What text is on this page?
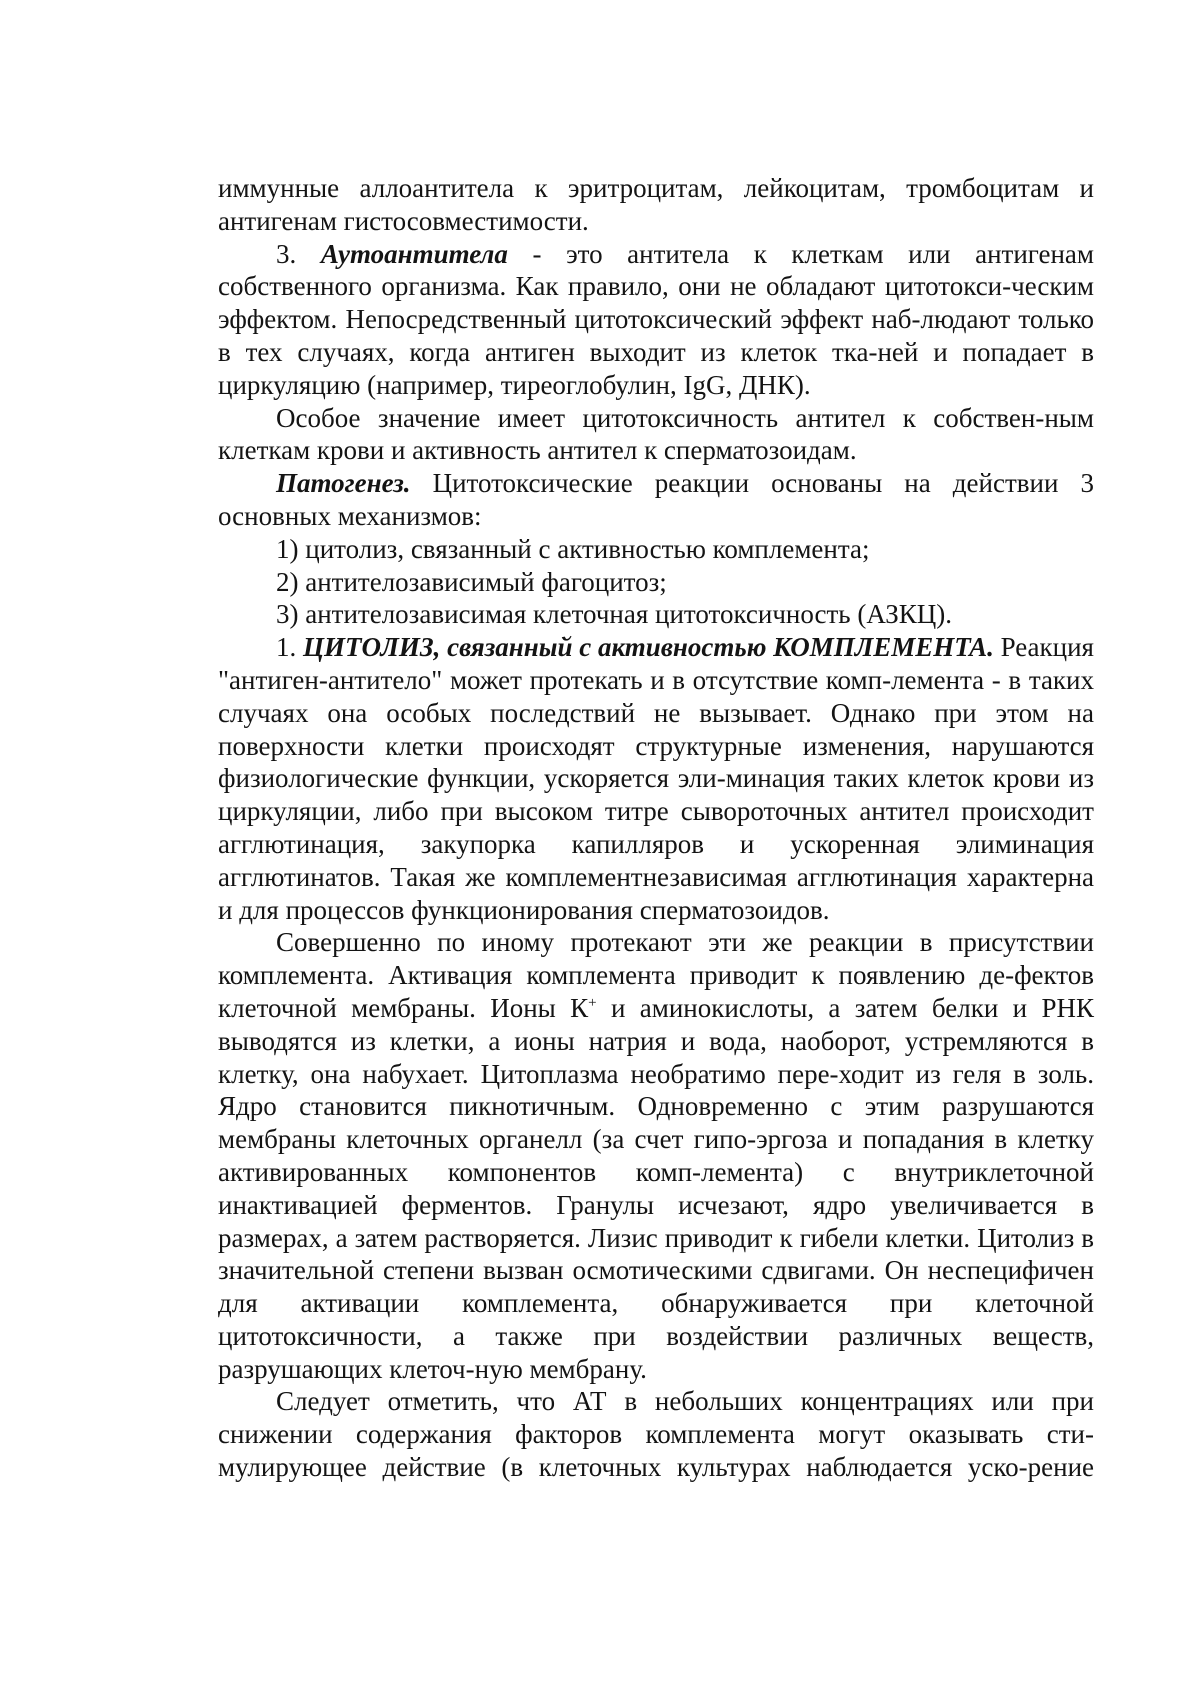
иммунные аллоантитела к эритроцитам, лейкоцитам, тромбоцитам и антигенам гистосовместимости.

3. Аутоантитела - это антитела к клеткам или антигенам собственного организма. Как правило, они не обладают цитотокси-ческим эффектом. Непосредственный цитотоксический эффект наб-людают только в тех случаях, когда антиген выходит из клеток тка-ней и попадает в циркуляцию (например, тиреоглобулин, IgG, ДНК).

Особое значение имеет цитотоксичность антител к собствен-ным клеткам крови и активность антител к сперматозоидам.

Патогенез. Цитотоксические реакции основаны на действии 3 основных механизмов:

1) цитолиз, связанный с активностью комплемента;

2) антителозависимый фагоцитоз;

3) антителозависимая клеточная цитотоксичность (АЗКЦ).

1. ЦИТОЛИЗ, связанный с активностью КОМПЛЕМЕНТА. Реакция "антиген-антитело" может протекать и в отсутствие комп-лемента - в таких случаях она особых последствий не вызывает. Однако при этом на поверхности клетки происходят структурные изменения, нарушаются физиологические функции, ускоряется эли-минация таких клеток крови из циркуляции, либо при высоком титре сывороточных антител происходит агглютинация, закупорка капилляров и ускоренная элиминация агглютинатов. Такая же комплементнезависимая агглютинация характерна и для процессов функционирования сперматозоидов.

Совершенно по иному протекают эти же реакции в присутствии комплемента. Активация комплемента приводит к появлению де-фектов клеточной мембраны. Ионы К+ и аминокислоты, а затем белки и РНК выводятся из клетки, а ионы натрия и вода, наоборот, устремляются в клетку, она набухает. Цитоплазма необратимо пере-ходит из геля в золь. Ядро становится пикнотичным. Одновременно с этим разрушаются мембраны клеточных органелл (за счет гипо-эргоза и попадания в клетку активированных компонентов комп-лемента) с внутриклеточной инактивацией ферментов. Гранулы исчезают, ядро увеличивается в размерах, а затем растворяется. Лизис приводит к гибели клетки. Цитолиз в значительной степени вызван осмотическими сдвигами. Он неспецифичен для активации комплемента, обнаруживается при клеточной цитотоксичности, а также при воздействии различных веществ, разрушающих клеточ-ную мембрану.

Следует отметить, что АТ в небольших концентрациях или при снижении содержания факторов комплемента могут оказывать сти-мулирующее действие (в клеточных культурах наблюдается уско-рение
